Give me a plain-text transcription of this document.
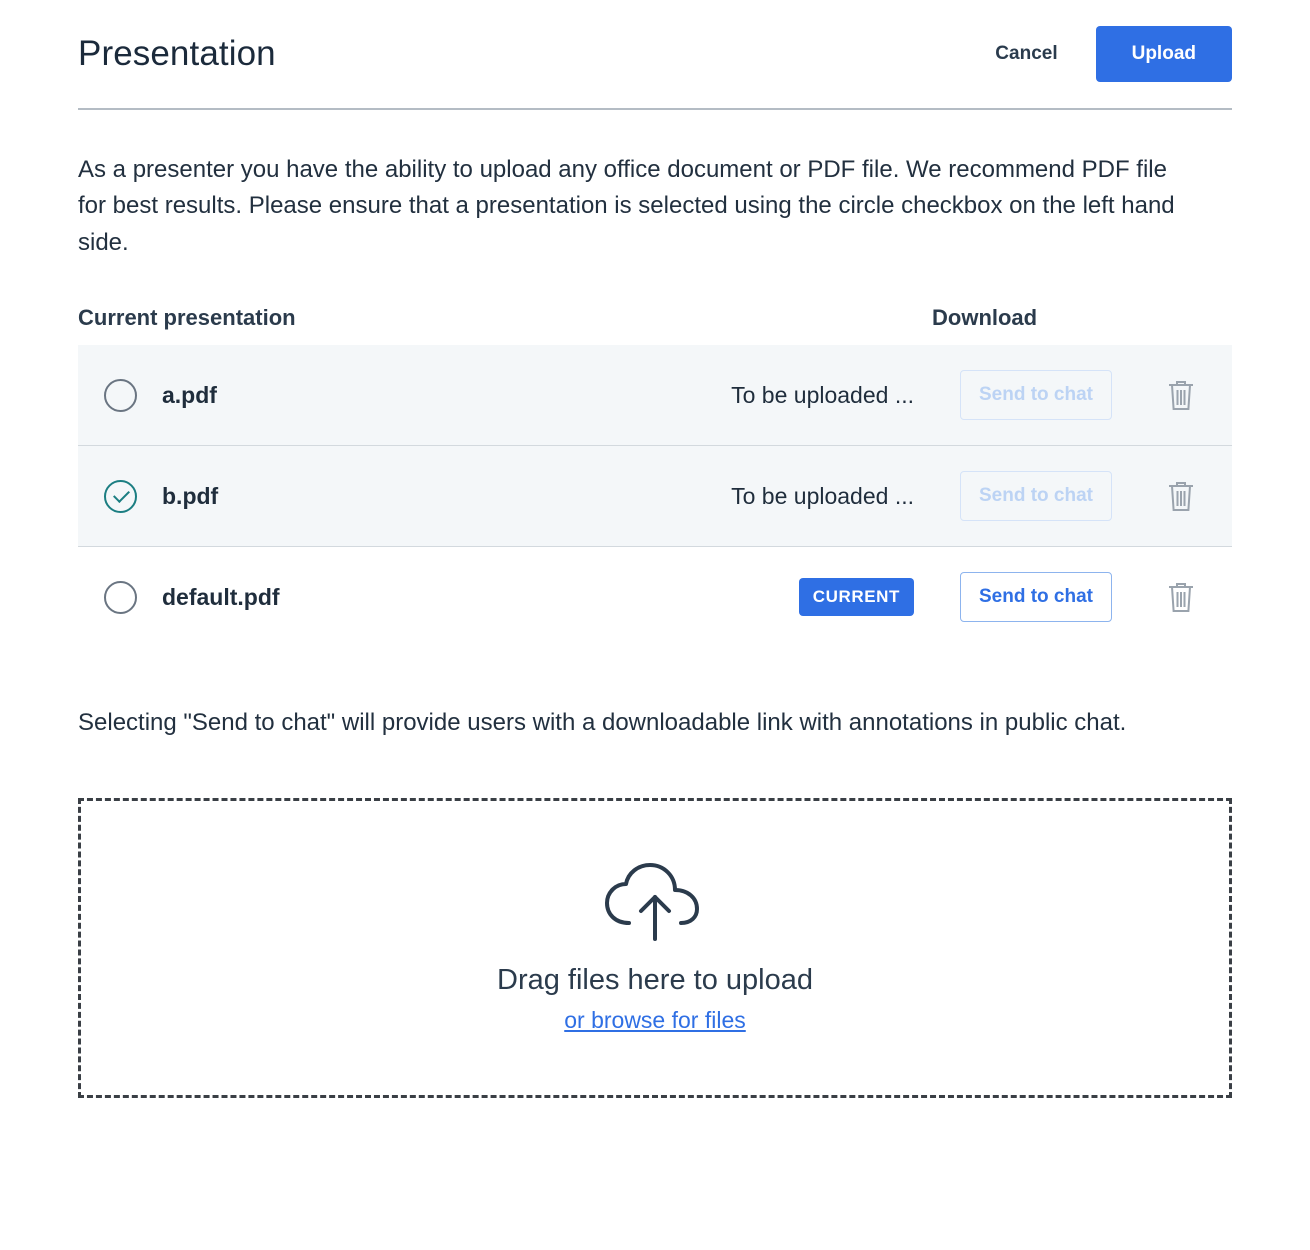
Presentation	Cancel	Upload
As a presenter you have the ability to upload any office document or PDF file. We recommend PDF file for best results. Please ensure that a presentation is selected using the circle checkbox on the left hand side.
Current presentation	Download
a.pdf	To be uploaded ...	Send to chat
b.pdf	To be uploaded ...	Send to chat
default.pdf	CURRENT	Send to chat
Selecting "Send to chat" will provide users with a downloadable link with annotations in public chat.
Drag files here to upload
or browse for files
